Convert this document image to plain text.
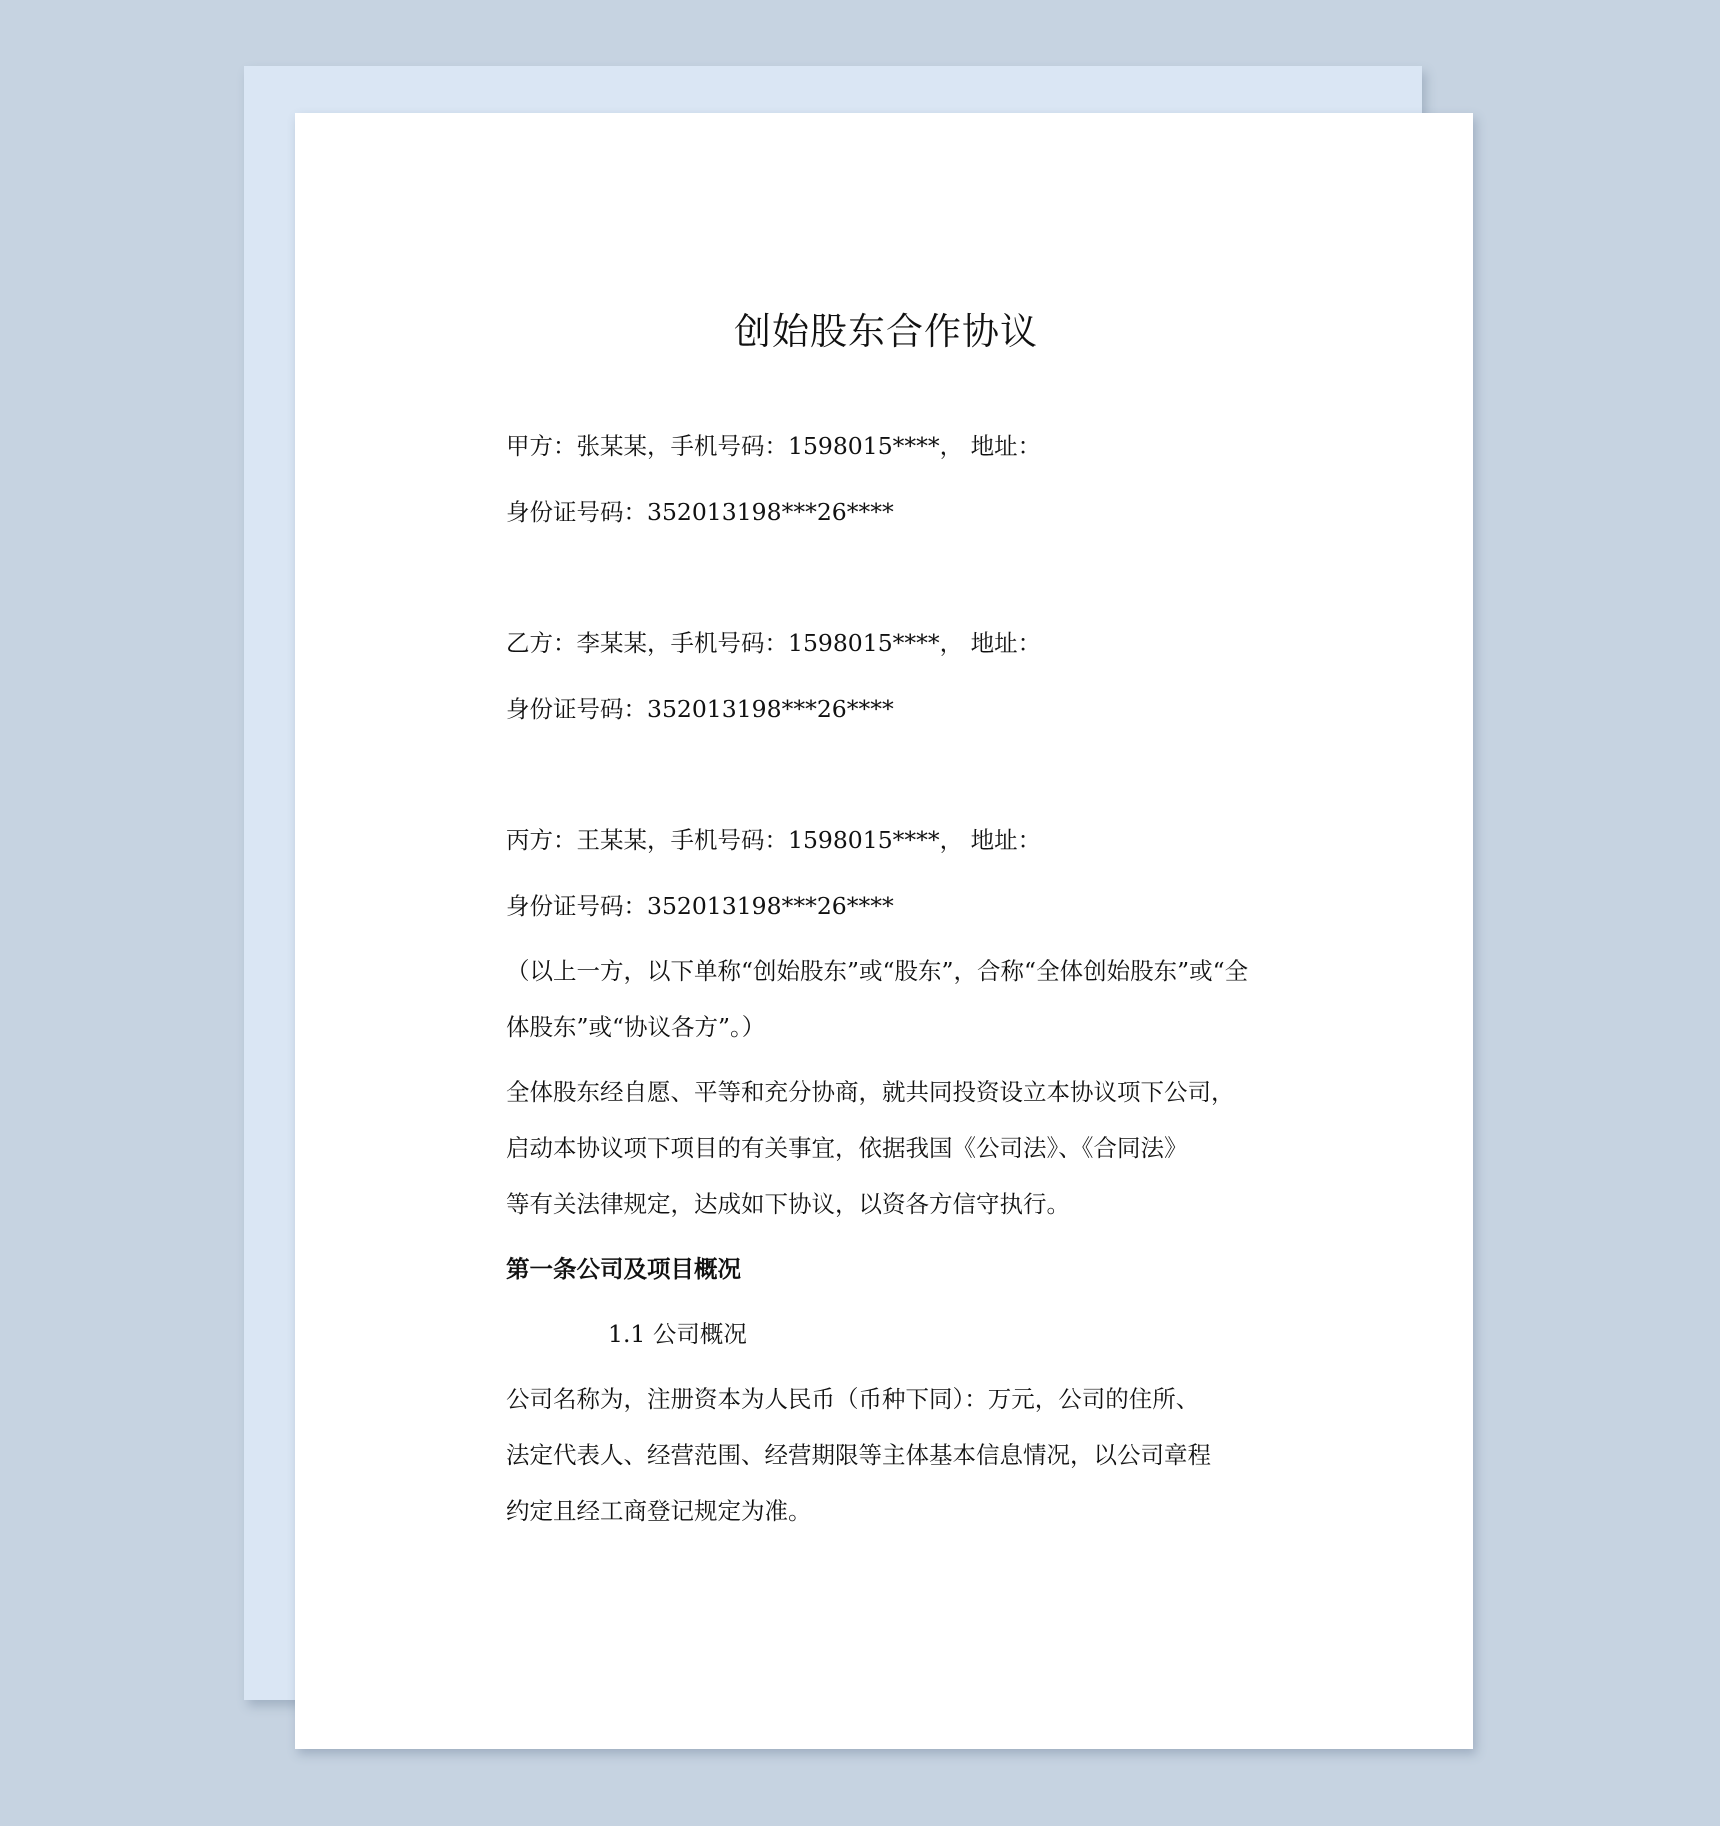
创始股东合作协议
甲方：张某某，手机号码：1598015****， 地址：
身份证号码：352013198***26****
乙方：李某某，手机号码：1598015****， 地址：
身份证号码：352013198***26****
丙方：王某某，手机号码：1598015****， 地址：
身份证号码：352013198***26****
（以上一方，以下单称“创始股东”或“股东”，合称“全体创始股东”或“全
体股东”或“协议各方”。）
全体股东经自愿、平等和充分协商，就共同投资设立本协议项下公司，
启动本协议项下项目的有关事宜，依据我国《公司法》、《合同法》
等有关法律规定，达成如下协议，以资各方信守执行。
第一条公司及项目概况
1.1 公司概况
公司名称为，注册资本为人民币（币种下同）：万元，公司的住所、
法定代表人、经营范围、经营期限等主体基本信息情况，以公司章程
约定且经工商登记规定为准。
